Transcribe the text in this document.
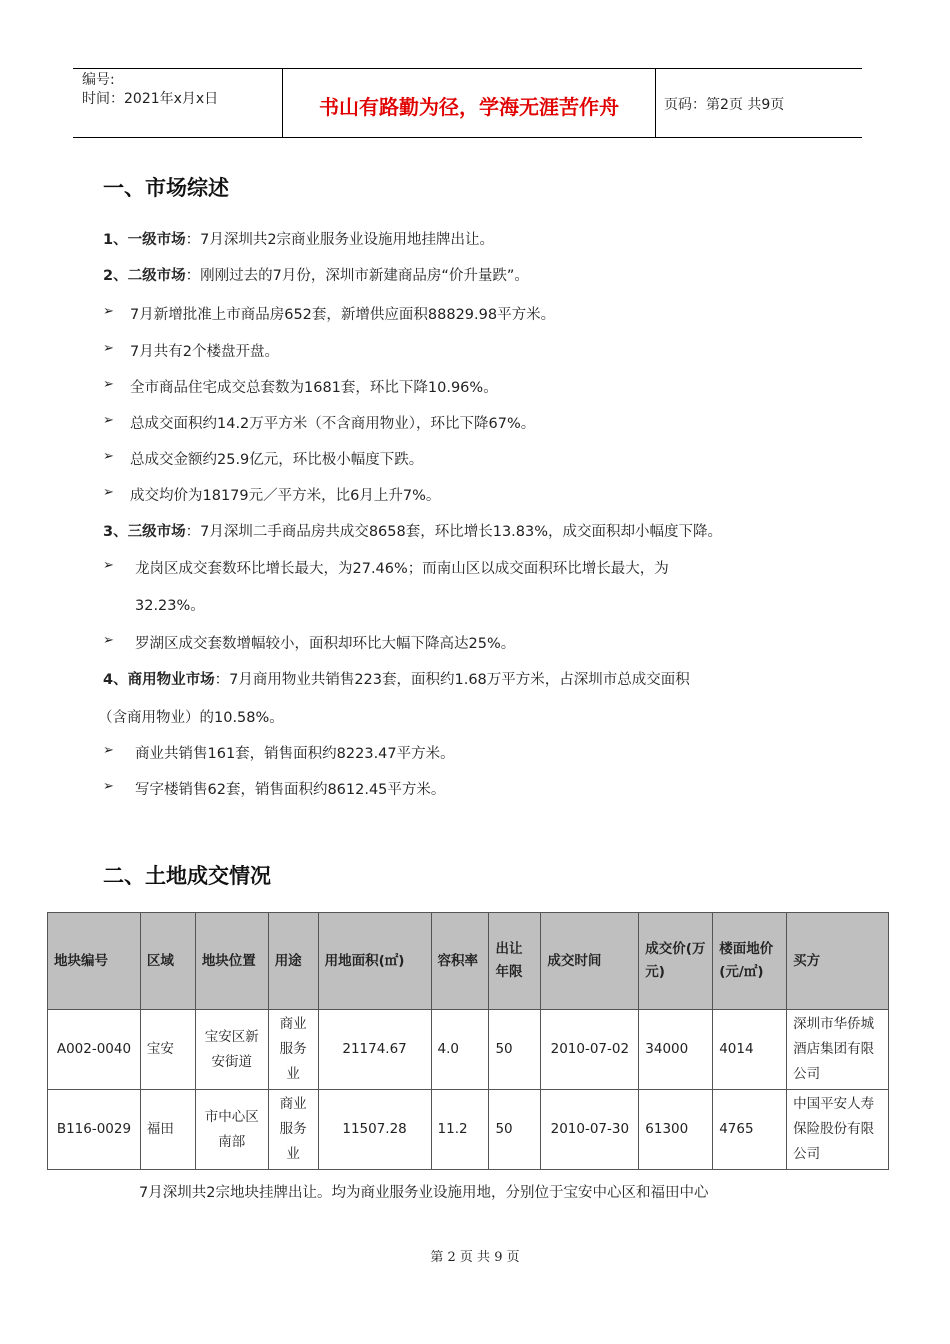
编号:
时间：2021年x月x日	书山有路勤为径，学海无涯苦作舟	页码：第2页 共9页
一、市场综述
1、一级市场：7月深圳共2宗商业服务业设施用地挂牌出让。
2、二级市场：刚刚过去的7月份，深圳市新建商品房“价升量跌”。
➢ 7月新增批准上市商品房652套，新增供应面积88829.98平方米。
➢ 7月共有2个楼盘开盘。
➢ 全市商品住宅成交总套数为1681套，环比下降10.96%。
➢ 总成交面积约14.2万平方米（不含商用物业），环比下降67%。
➢ 总成交金额约25.9亿元，环比极小幅度下跌。
➢ 成交均价为18179元／平方米，比6月上升7%。
3、三级市场：7月深圳二手商品房共成交8658套，环比增长13.83%，成交面积却小幅度下降。
➢ 龙岗区成交套数环比增长最大，为27.46%；而南山区以成交面积环比增长最大，为
32.23%。
➢ 罗湖区成交套数增幅较小，面积却环比大幅下降高达25%。
4、商用物业市场：7月商用物业共销售223套，面积约1.68万平方米，占深圳市总成交面积
（含商用物业）的10.58%。
➢ 商业共销售161套，销售面积约8223.47平方米。
➢ 写字楼销售62套，销售面积约8612.45平方米。
二、土地成交情况
地块编号	区域	地块位置	用途	用地面积(㎡)	容积率	出让年限	成交时间	成交价(万元)	楼面地价(元/㎡)	买方
A002-0040	宝安	宝安区新安街道	商业服务业	21174.67	4.0	50	2010-07-02	34000	4014	深圳市华侨城酒店集团有限公司
B116-0029	福田	市中心区南部	商业服务业	11507.28	11.2	50	2010-07-30	61300	4765	中国平安人寿保险股份有限公司
7月深圳共2宗地块挂牌出让。均为商业服务业设施用地，分别位于宝安中心区和福田中心
第 2 页 共 9 页
